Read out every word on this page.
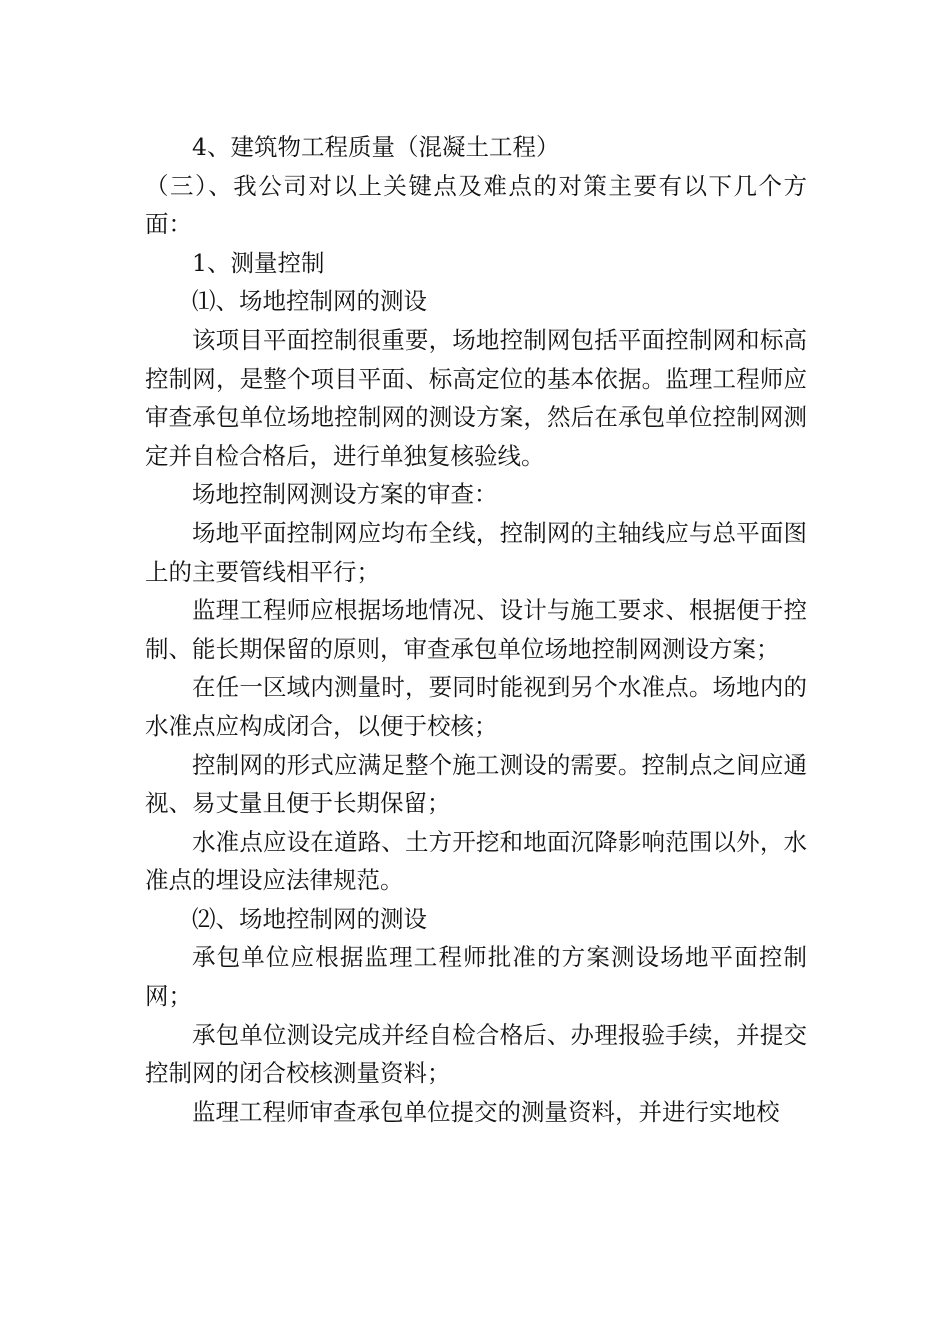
4、建筑物工程质量（混凝土工程）

（三）、我公司对以上关键点及难点的对策主要有以下几个方面：

1、测量控制

⑴、场地控制网的测设

该项目平面控制很重要，场地控制网包括平面控制网和标高控制网，是整个项目平面、标高定位的基本依据。监理工程师应审查承包单位场地控制网的测设方案，然后在承包单位控制网测定并自检合格后，进行单独复核验线。

场地控制网测设方案的审查：

场地平面控制网应均布全线，控制网的主轴线应与总平面图上的主要管线相平行；

监理工程师应根据场地情况、设计与施工要求、根据便于控制、能长期保留的原则，审查承包单位场地控制网测设方案；

在任一区域内测量时，要同时能视到另个水准点。场地内的水准点应构成闭合，以便于校核；

控制网的形式应满足整个施工测设的需要。控制点之间应通视、易丈量且便于长期保留；

水准点应设在道路、土方开挖和地面沉降影响范围以外，水准点的埋设应法律规范。

⑵、场地控制网的测设

承包单位应根据监理工程师批准的方案测设场地平面控制网；

承包单位测设完成并经自检合格后、办理报验手续，并提交控制网的闭合校核测量资料；

监理工程师审查承包单位提交的测量资料，并进行实地校
